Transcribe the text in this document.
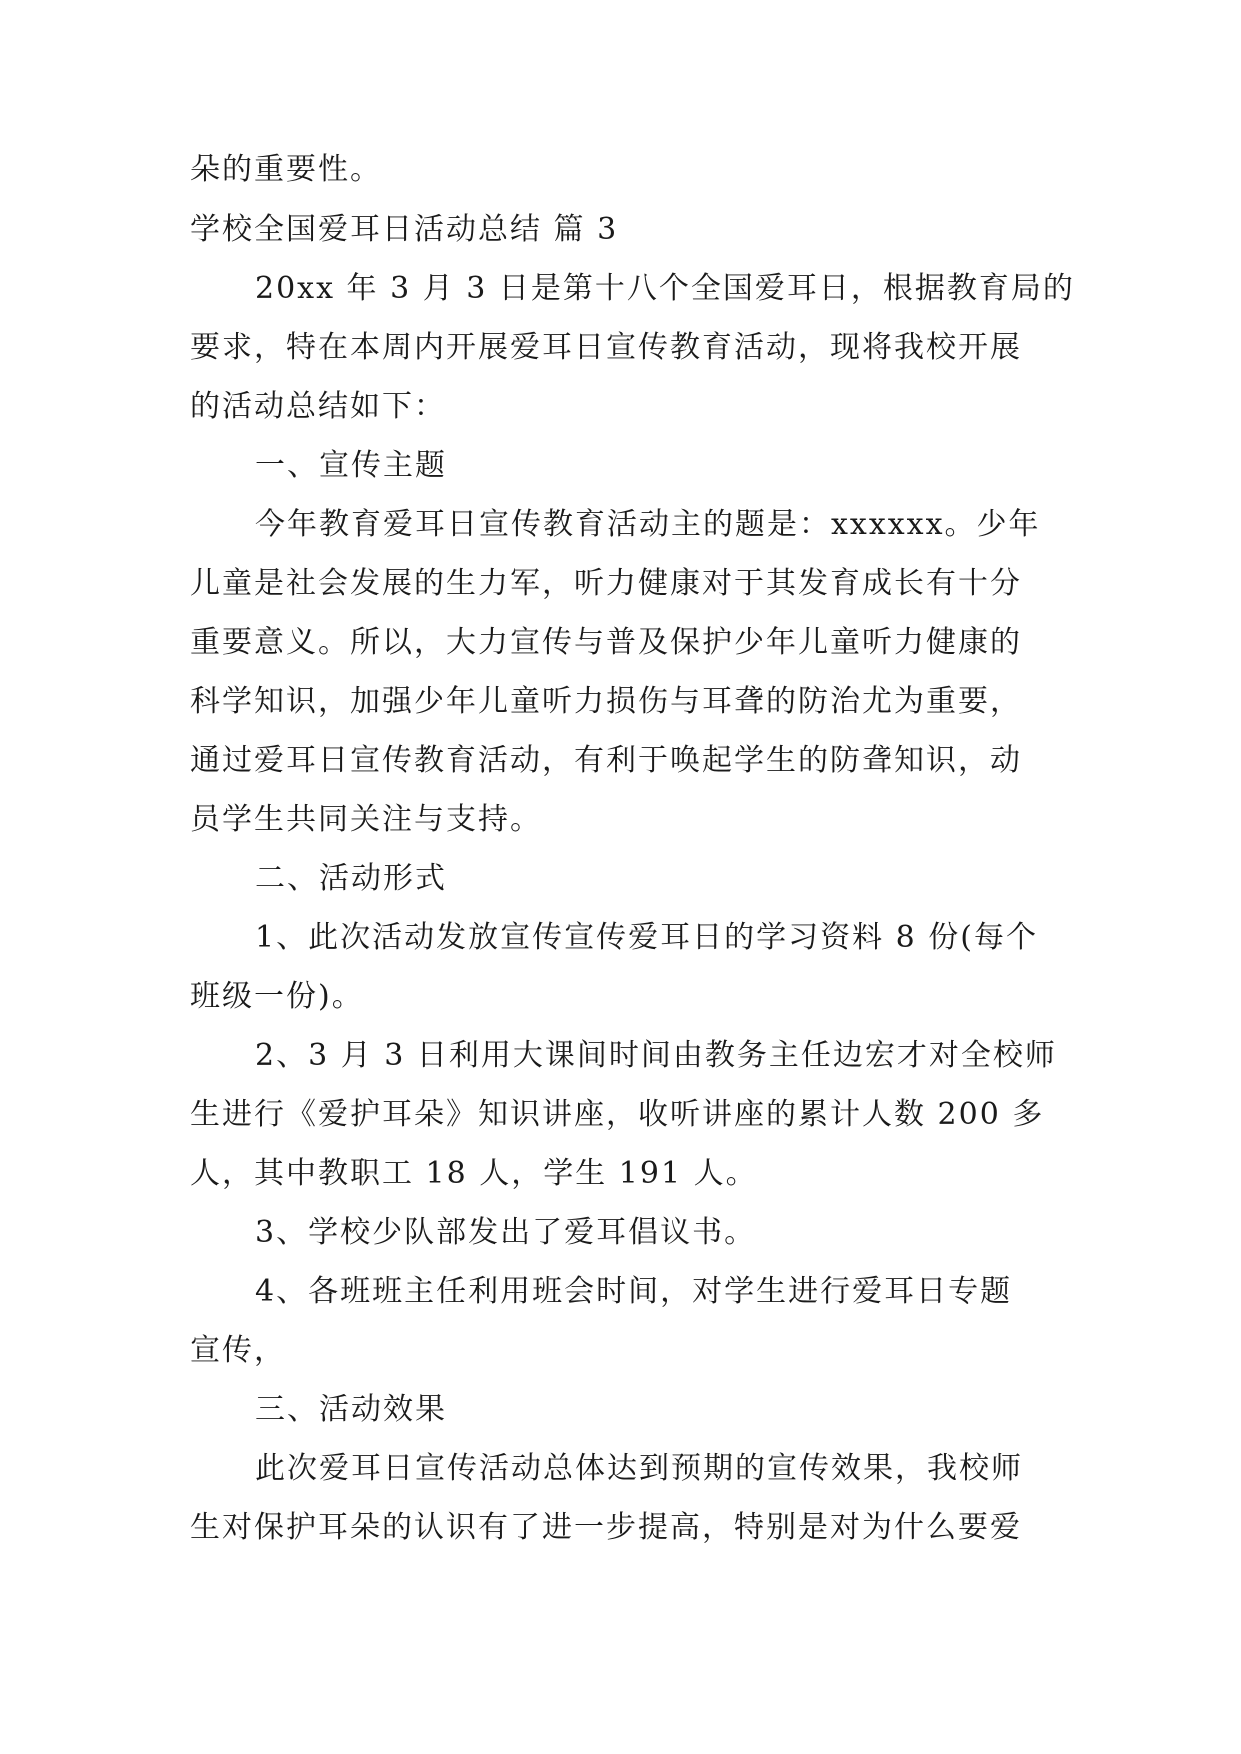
朵的重要性。
学校全国爱耳日活动总结 篇 3
20xx 年 3 月 3 日是第十八个全国爱耳日，根据教育局的
要求，特在本周内开展爱耳日宣传教育活动，现将我校开展
的活动总结如下：
一、宣传主题
今年教育爱耳日宣传教育活动主的题是：xxxxxx。少年
儿童是社会发展的生力军，听力健康对于其发育成长有十分
重要意义。所以，大力宣传与普及保护少年儿童听力健康的
科学知识，加强少年儿童听力损伤与耳聋的防治尤为重要，
通过爱耳日宣传教育活动，有利于唤起学生的防聋知识，动
员学生共同关注与支持。
二、活动形式
1、此次活动发放宣传宣传爱耳日的学习资料 8 份(每个
班级一份)。
2、3 月 3 日利用大课间时间由教务主任边宏才对全校师
生进行《爱护耳朵》知识讲座，收听讲座的累计人数 200 多
人，其中教职工 18 人，学生 191 人。
3、学校少队部发出了爱耳倡议书。
4、各班班主任利用班会时间，对学生进行爱耳日专题
宣传，
三、活动效果
此次爱耳日宣传活动总体达到预期的宣传效果，我校师
生对保护耳朵的认识有了进一步提高，特别是对为什么要爱
